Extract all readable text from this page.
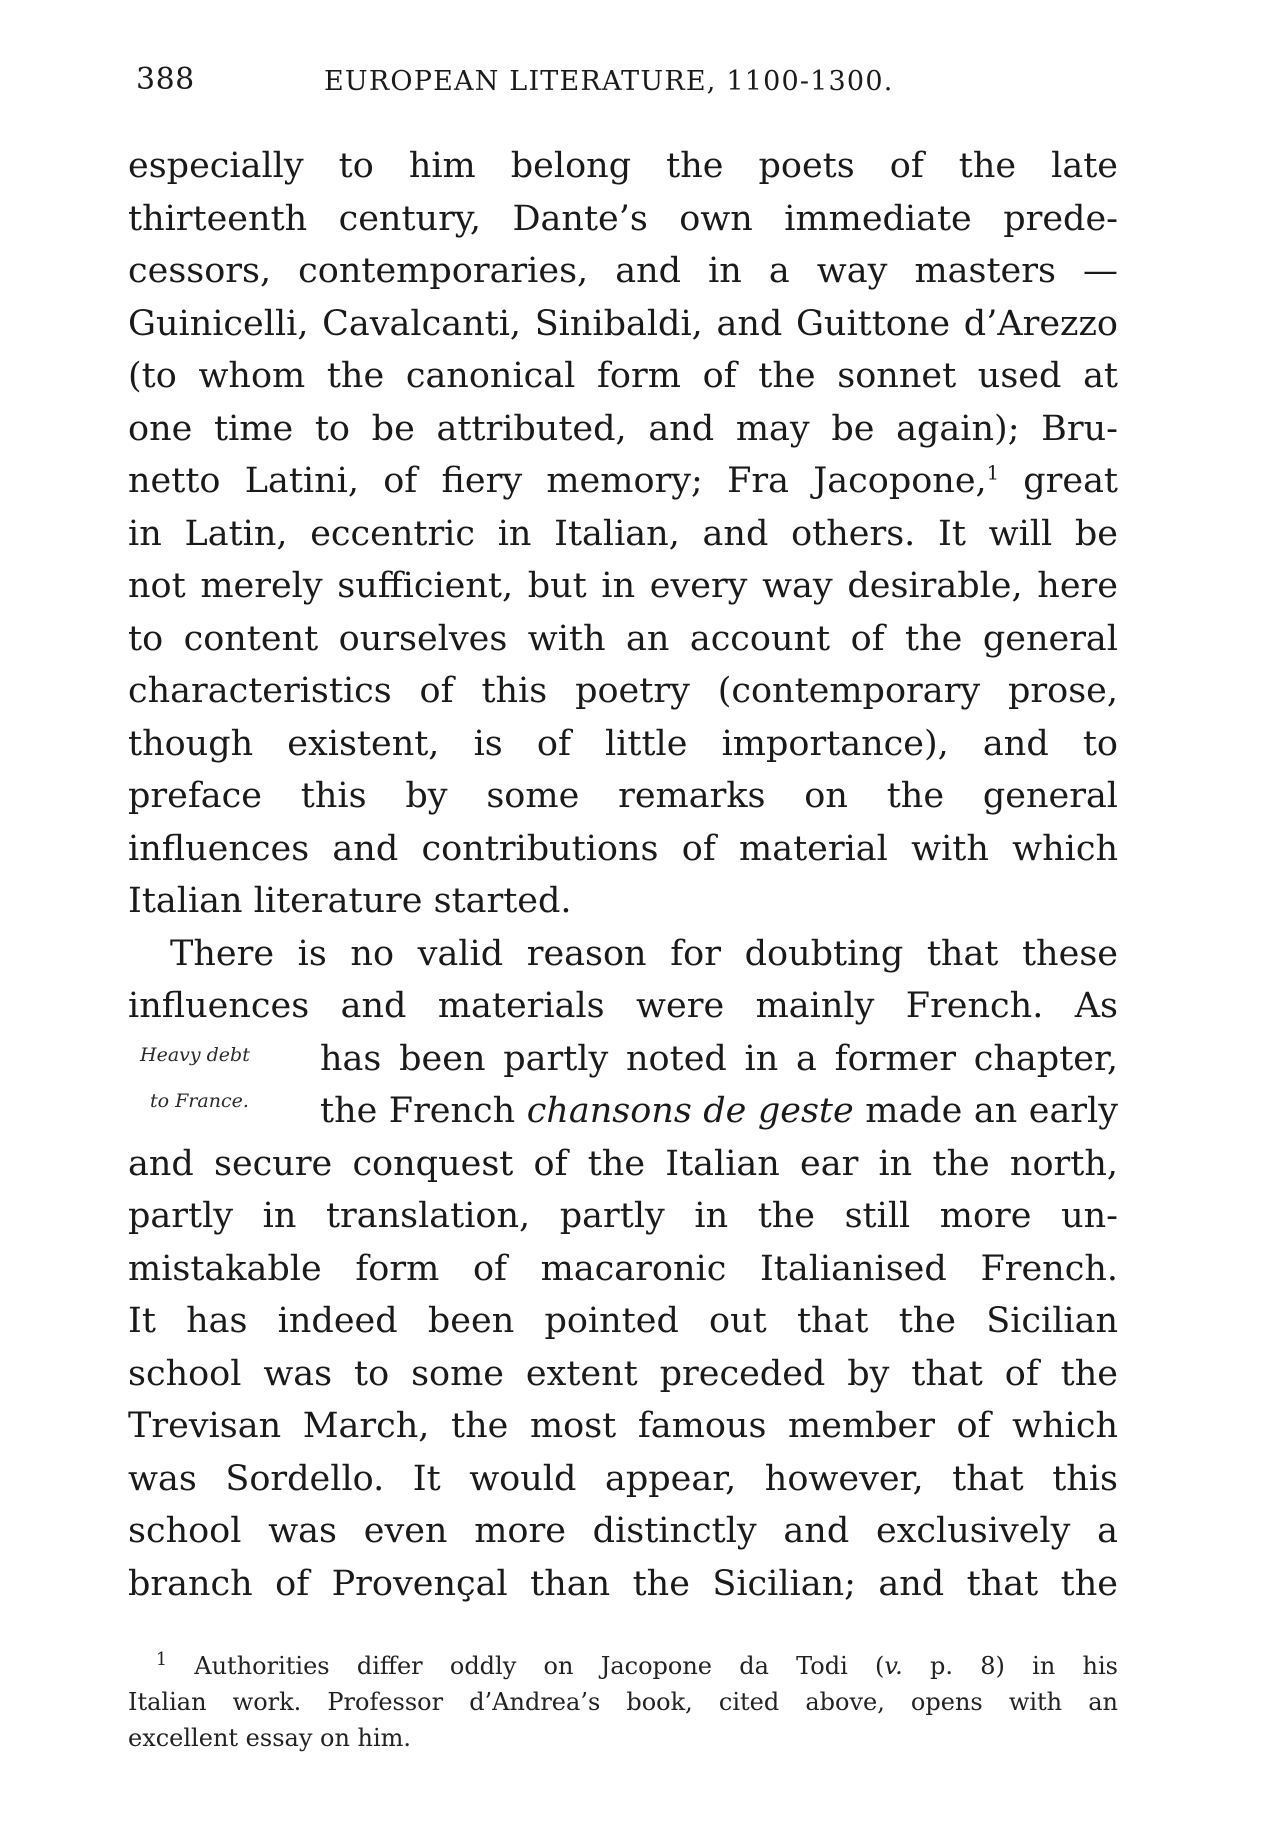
388	EUROPEAN LITERATURE, 1100-1300.
especially to him belong the poets of the late
thirteenth century, Dante’s own immediate prede-
cessors, contemporaries, and in a way masters —
Guinicelli, Cavalcanti, Sinibaldi, and Guittone d’Arezzo
(to whom the canonical form of the sonnet used at
one time to be attributed, and may be again); Bru-
netto Latini, of fiery memory; Fra Jacopone,$^1$ great
in Latin, eccentric in Italian, and others. It will be
not merely sufficient, but in every way desirable, here
to content ourselves with an account of the general
characteristics of this poetry (contemporary prose,
though existent, is of little importance), and to
preface this by some remarks on the general
influences and contributions of material with which
Italian literature started.
There is no valid reason for doubting that these
influences and materials were mainly French. As
has been partly noted in a former chapter,
the French chansons de geste made an early
and secure conquest of the Italian ear in the north,
partly in translation, partly in the still more un-
mistakable form of macaronic Italianised French.
It has indeed been pointed out that the Sicilian
school was to some extent preceded by that of the
Trevisan March, the most famous member of which
was Sordello. It would appear, however, that this
school was even more distinctly and exclusively a
branch of Provençal than the Sicilian; and that the
Heavy debt
to France.
$^1$ Authorities differ oddly on Jacopone da Todi (v. p. 8) in his
Italian work. Professor d’Andrea’s book, cited above, opens with an
excellent essay on him.
